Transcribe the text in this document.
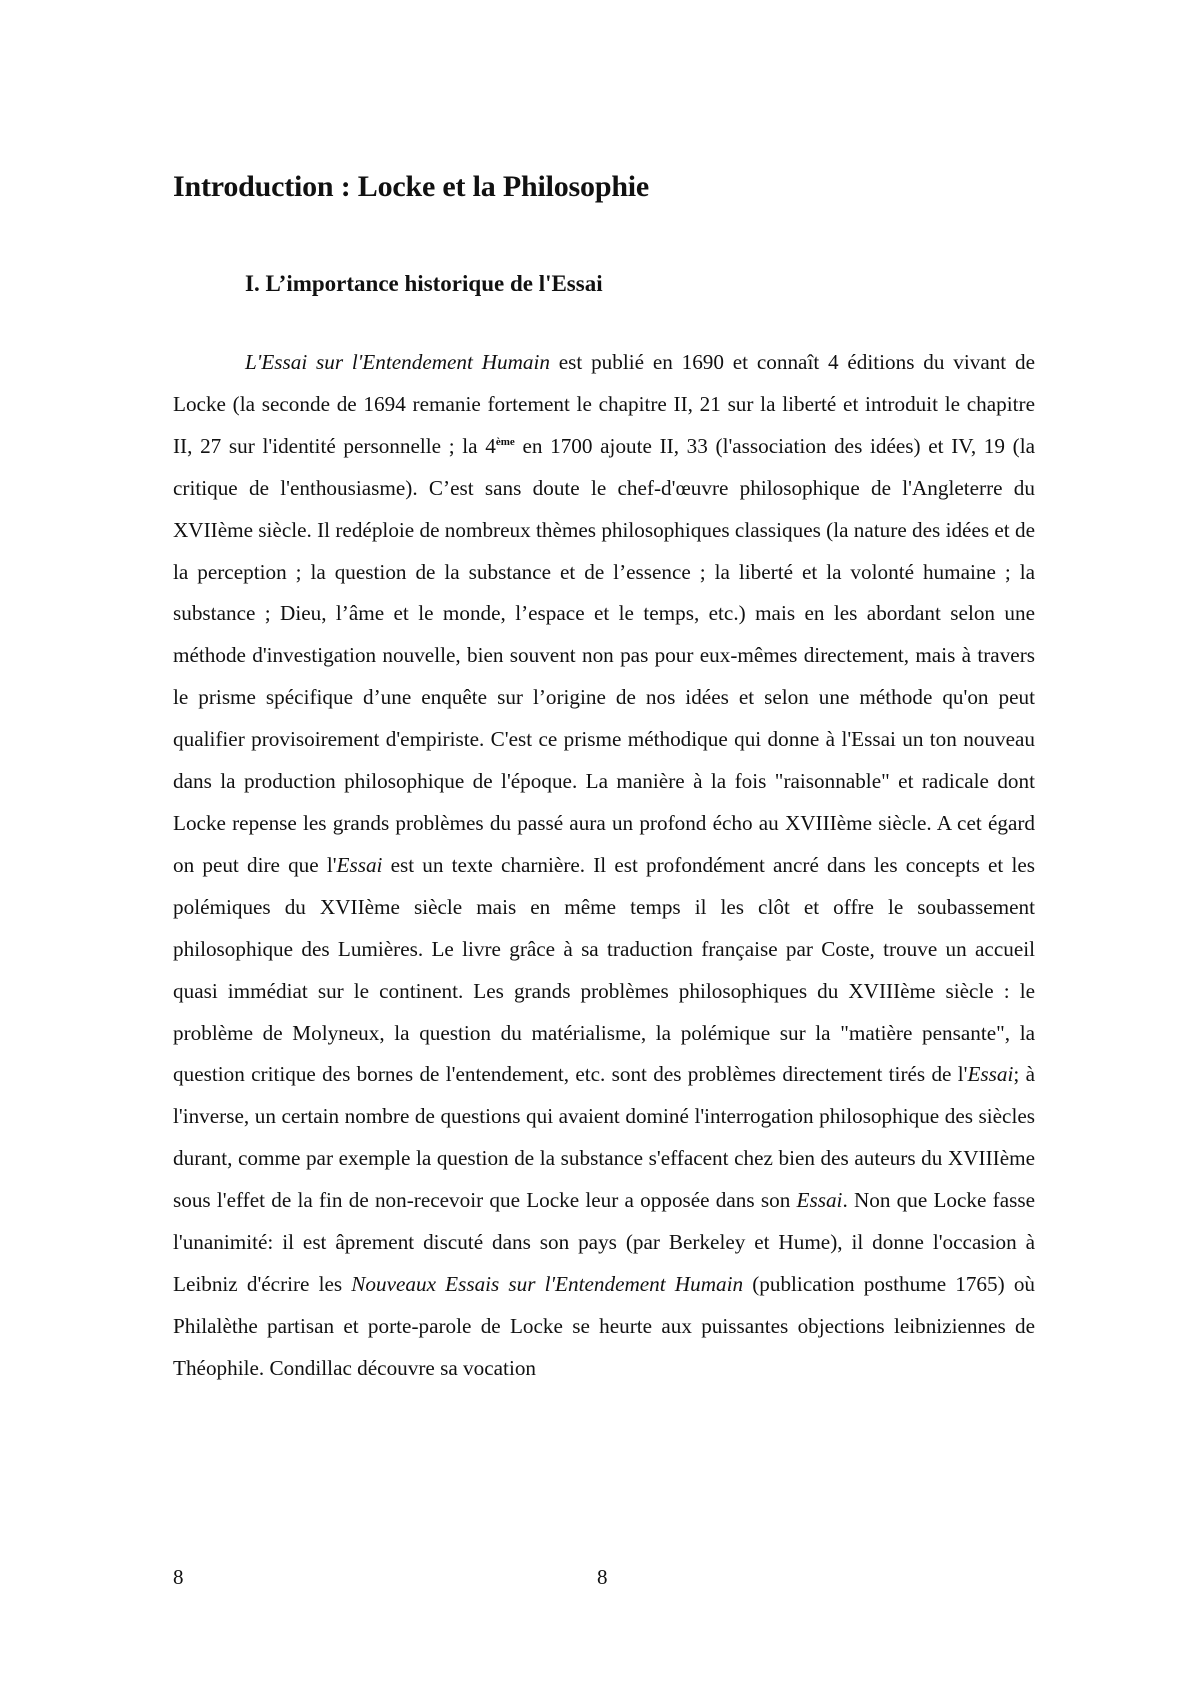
Introduction : Locke et la Philosophie
I. L’importance historique de l'Essai

L'Essai sur l'Entendement Humain est publié en 1690 et connaît 4 éditions du vivant de Locke (la seconde de 1694 remanie fortement le chapitre II, 21 sur la liberté et introduit le chapitre II, 27 sur l'identité personnelle ; la 4ème en 1700 ajoute II, 33 (l'association des idées) et IV, 19 (la critique de l'enthousiasme). C’est sans doute le chef-d'œuvre philosophique de l'Angleterre du XVIIème siècle. Il redéploie de nombreux thèmes philosophiques classiques (la nature des idées et de la perception ; la question de la substance et de l’essence ; la liberté et la volonté humaine ; la substance ; Dieu, l’âme et le monde, l’espace et le temps, etc.) mais en les abordant selon une méthode d'investigation nouvelle, bien souvent non pas pour eux-mêmes directement, mais à travers le prisme spécifique d’une enquête sur l’origine de nos idées et selon une méthode qu'on peut qualifier provisoirement d'empiriste. C'est ce prisme méthodique qui donne à l'Essai un ton nouveau dans la production philosophique de l'époque. La manière à la fois "raisonnable" et radicale dont Locke repense les grands problèmes du passé aura un profond écho au XVIIIème siècle. A cet égard on peut dire que l'Essai est un texte charnière. Il est profondément ancré dans les concepts et les polémiques du XVIIème siècle mais en même temps il les clôt et offre le soubassement philosophique des Lumières. Le livre grâce à sa traduction française par Coste, trouve un accueil quasi immédiat sur le continent. Les grands problèmes philosophiques du XVIIIème siècle : le problème de Molyneux, la question du matérialisme, la polémique sur la "matière pensante", la question critique des bornes de l'entendement, etc. sont des problèmes directement tirés de l'Essai; à l'inverse, un certain nombre de questions qui avaient dominé l'interrogation philosophique des siècles durant, comme par exemple la question de la substance s'effacent chez bien des auteurs du XVIIIème sous l'effet de la fin de non-recevoir que Locke leur a opposée dans son Essai. Non que Locke fasse l'unanimité: il est âprement discuté dans son pays (par Berkeley et Hume), il donne l'occasion à Leibniz d'écrire les Nouveaux Essais sur l'Entendement Humain (publication posthume 1765) où Philalèthe partisan et porte-parole de Locke se heurte aux puissantes objections leibniziennes de Théophile. Condillac découvre sa vocation

8	8
